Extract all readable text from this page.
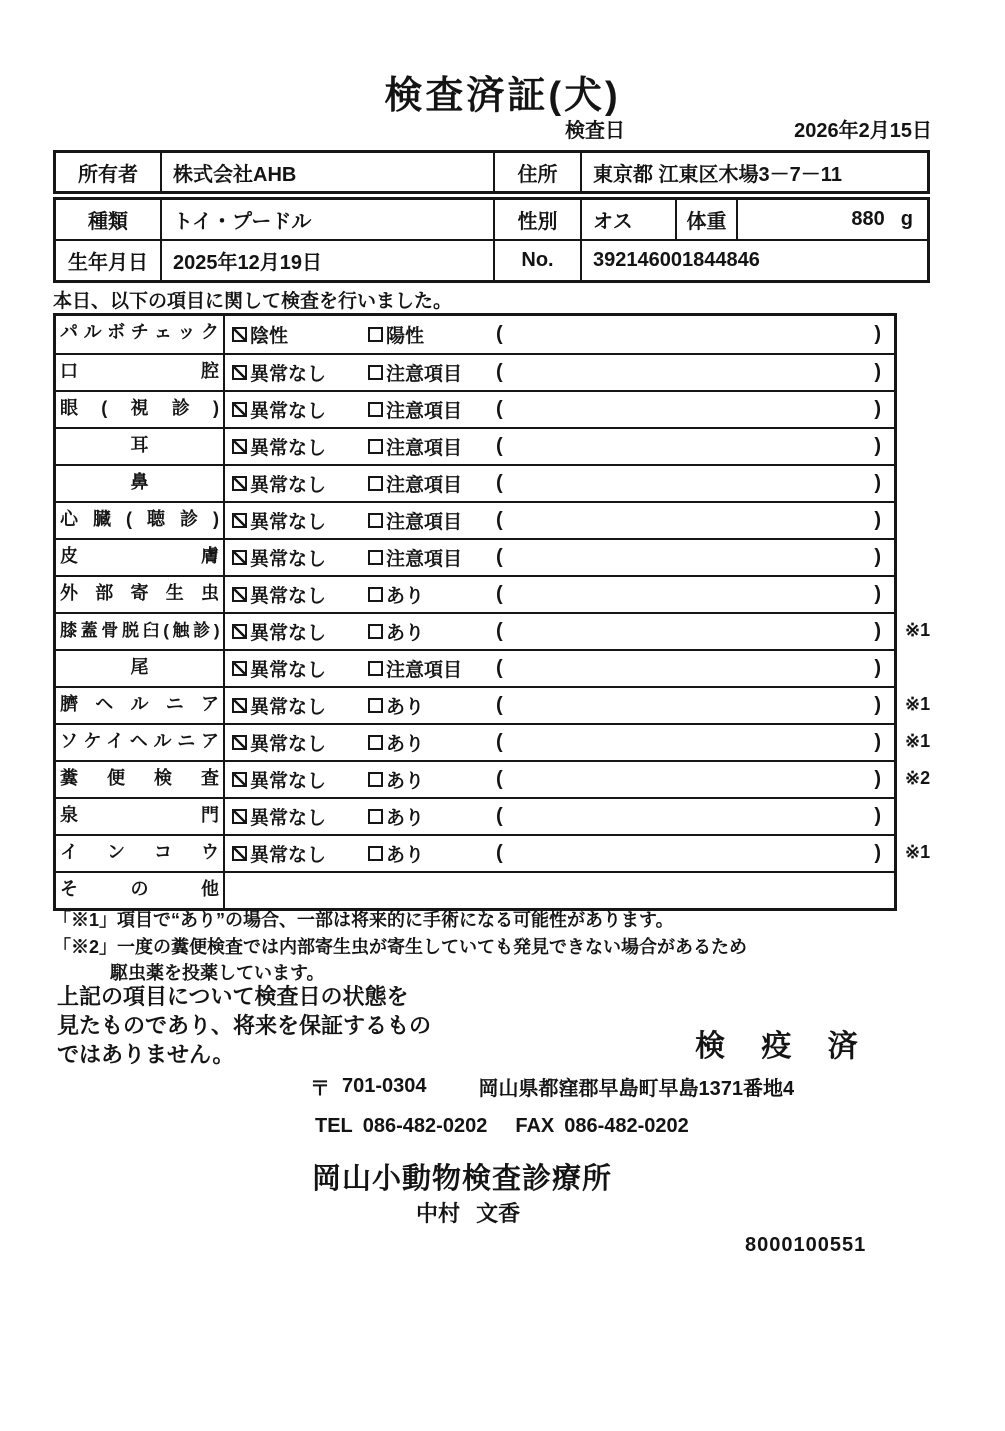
検査済証(犬)
検査日	2026年2月15日
所有者	株式会社AHB	住所	東京都 江東区木場3－7－11
種類	トイ・プードル	性別	オス	体重	880 g
生年月日	2025年12月19日	No.	392146001844846
本日、以下の項目に関して検査を行いました。
パルボチェック	陰性	陽性	(	)
口腔	異常なし	注意項目 (	)
眼(視診)	異常なし	注意項目 (	)
耳	異常なし	注意項目 (	)
鼻	異常なし	注意項目 (	)
心臓(聴診)	異常なし	注意項目 (	)
皮膚	異常なし	注意項目 (	)
外部寄生虫	異常なし	あり	(	)
膝蓋骨脱臼(触診)	異常なし	あり	(	)	※1
尾	異常なし	注意項目 (	)
臍ヘルニア	異常なし	あり	(	)	※1
ソケイヘルニア	異常なし	あり	(	)	※1
糞便検査	異常なし	あり	(	)	※2
泉門	異常なし	あり	(	)
インコウ	異常なし	あり	(	)	※1
その他
「※1」項目で“あり”の場合、一部は将来的に手術になる可能性があります。
「※2」一度の糞便検査では内部寄生虫が寄生していても発見できない場合があるため
駆虫薬を投薬しています。
上記の項目について検査日の状態を
見たものであり、将来を保証するもの
ではありません。	検 疫 済
〒 701-0304	岡山県都窪郡早島町早島1371番地4
TEL 086-482-0202 FAX 086-482-0202
岡山小動物検査診療所
中村 文香
8000100551
